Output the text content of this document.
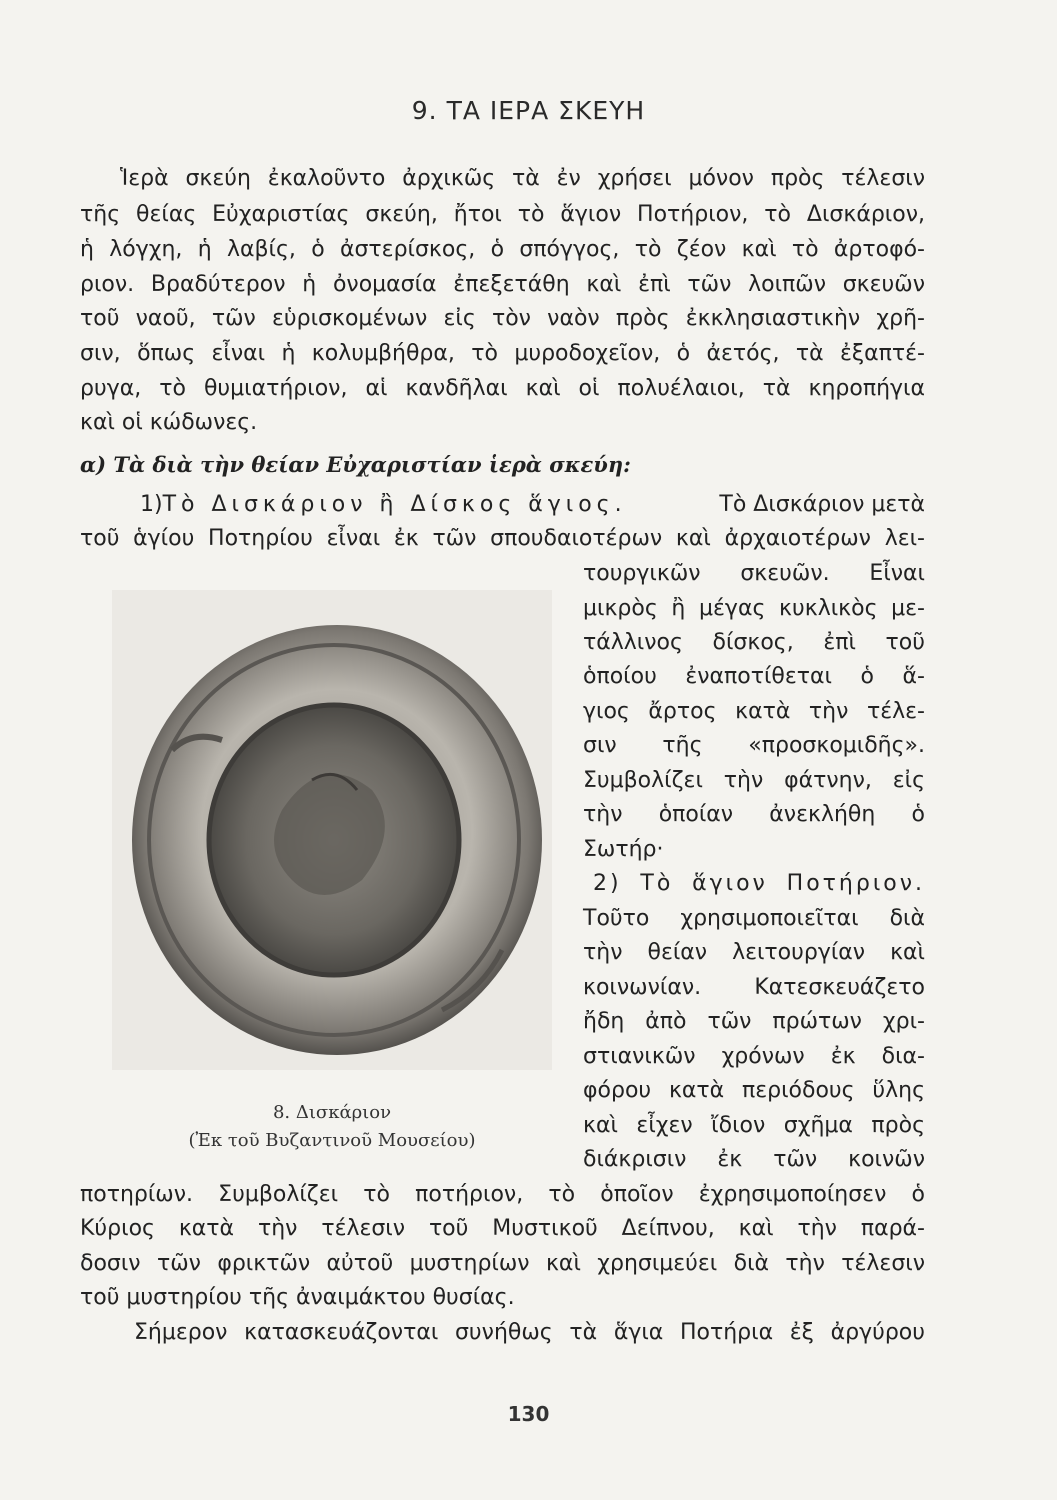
9. ΤΑ ΙΕΡΑ ΣΚΕΥΗ
Ἱερὰ σκεύη ἐκαλοῦντο ἀρχικῶς τὰ ἐν χρήσει μόνον πρὸς τέλεσιν
τῆς θείας Εὐχαριστίας σκεύη, ἤτοι τὸ ἅγιον Ποτήριον, τὸ Δισκάριον,
ἡ λόγχη, ἡ λαβίς, ὁ ἀστερίσκος, ὁ σπόγγος, τὸ ζέον καὶ τὸ ἀρτοφό-
ριον. Βραδύτερον ἡ ὀνομασία ἐπεξετάθη καὶ ἐπὶ τῶν λοιπῶν σκευῶν
τοῦ ναοῦ, τῶν εὑρισκομένων εἰς τὸν ναὸν πρὸς ἐκκλησιαστικὴν χρῆ-
σιν, ὅπως εἶναι ἡ κολυμβήθρα, τὸ μυροδοχεῖον, ὁ ἀετός, τὰ ἐξαπτέ-
ρυγα, τὸ θυμιατήριον, αἱ κανδῆλαι καὶ οἱ πολυέλαιοι, τὰ κηροπήγια
καὶ οἱ κώδωνες.
α) Τὰ διὰ τὴν θείαν Εὐχαριστίαν ἱερὰ σκεύη:
1)Τὸ Δισκάριον ἢ Δίσκος ἅγιος.	Τὸ Δισκάριον μετὰ
τοῦ ἁγίου Ποτηρίου εἶναι ἐκ τῶν σπουδαιοτέρων καὶ ἀρχαιοτέρων λει-
τουργικῶν σκευῶν. Εἶναι
μικρὸς ἢ μέγας κυκλικὸς με-
τάλλινος δίσκος, ἐπὶ τοῦ
ὁποίου ἐναποτίθεται ὁ ἅ-
γιος ἄρτος κατὰ τὴν τέλε-
σιν τῆς «προσκομιδῆς».
Συμβολίζει τὴν φάτνην, εἰς
τὴν ὁποίαν ἀνεκλήθη ὁ
Σωτήρ·
2) Τὸ ἅγιον Ποτήριον.
Τοῦτο χρησιμοποιεῖται διὰ
τὴν θείαν λειτουργίαν καὶ
κοινωνίαν. Κατεσκευάζετο
ἤδη ἀπὸ τῶν πρώτων χρι-
στιανικῶν χρόνων ἐκ δια-
φόρου κατὰ περιόδους ὕλης
καὶ εἶχεν ἴδιον σχῆμα πρὸς
διάκρισιν ἐκ τῶν κοινῶν
ποτηρίων. Συμβολίζει τὸ ποτήριον, τὸ ὁποῖον ἐχρησιμοποίησεν ὁ
Κύριος κατὰ τὴν τέλεσιν τοῦ Μυστικοῦ Δείπνου, καὶ τὴν παρά-
δοσιν τῶν φρικτῶν αὐτοῦ μυστηρίων καὶ χρησιμεύει διὰ τὴν τέλεσιν
τοῦ μυστηρίου τῆς ἀναιμάκτου θυσίας.
Σήμερον κατασκευάζονται συνήθως τὰ ἅγια Ποτήρια ἐξ ἀργύρου
8. Δισκάριον
(Ἐκ τοῦ Βυζαντινοῦ Μουσείου)
130
